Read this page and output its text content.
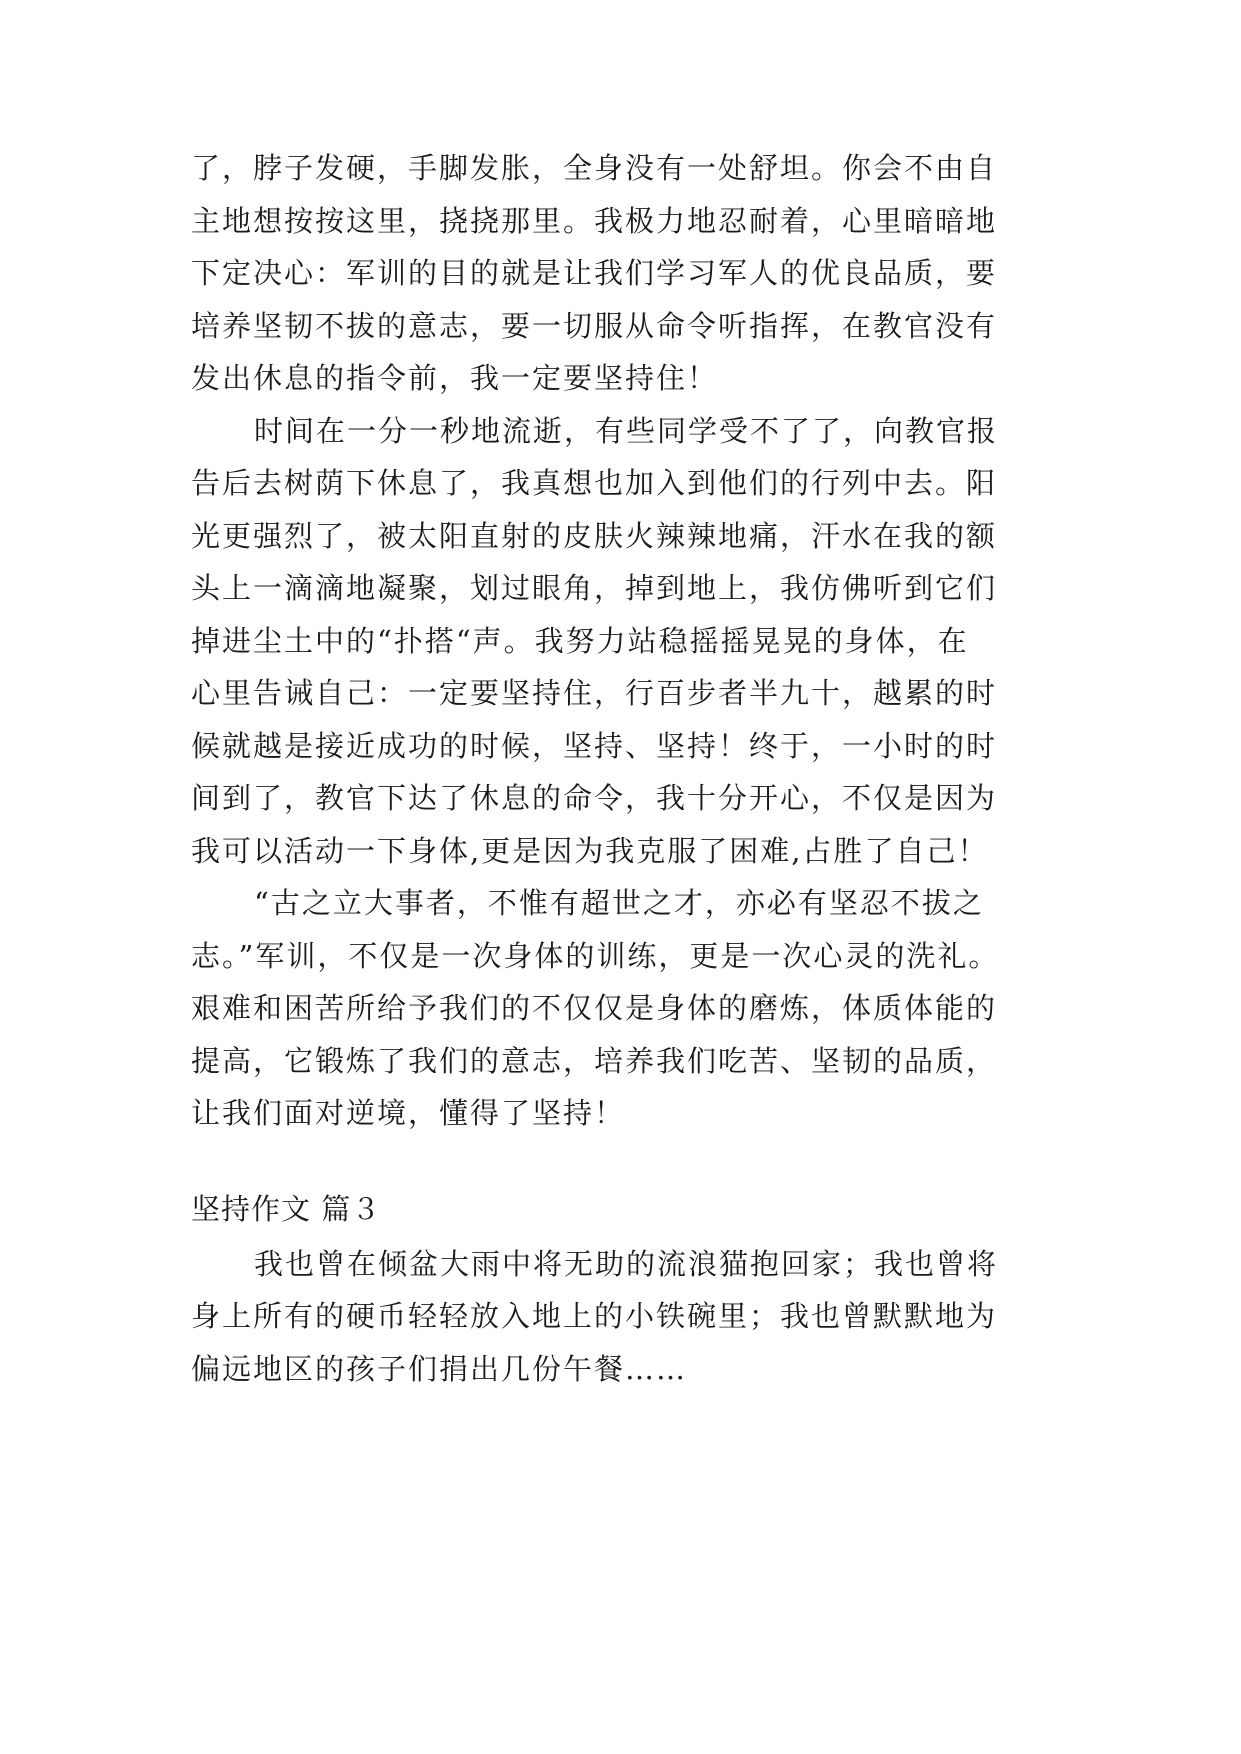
了，脖子发硬，手脚发胀，全身没有一处舒坦。你会不由自
主地想按按这里，挠挠那里。我极力地忍耐着，心里暗暗地
下定决心：军训的目的就是让我们学习军人的优良品质，要
培养坚韧不拔的意志，要一切服从命令听指挥，在教官没有
发出休息的指令前，我一定要坚持住！
时间在一分一秒地流逝，有些同学受不了了，向教官报
告后去树荫下休息了，我真想也加入到他们的行列中去。阳
光更强烈了，被太阳直射的皮肤火辣辣地痛，汗水在我的额
头上一滴滴地凝聚，划过眼角，掉到地上，我仿佛听到它们
掉进尘土中的“扑搭“声。我努力站稳摇摇晃晃的身体，在
心里告诫自己：一定要坚持住，行百步者半九十，越累的时
候就越是接近成功的时候，坚持、坚持！终于，一小时的时
间到了，教官下达了休息的命令，我十分开心，不仅是因为
我可以活动一下身体,更是因为我克服了困难,占胜了自己！
“古之立大事者，不惟有超世之才，亦必有坚忍不拔之
志。”军训，不仅是一次身体的训练，更是一次心灵的洗礼。
艰难和困苦所给予我们的不仅仅是身体的磨炼，体质体能的
提高，它锻炼了我们的意志，培养我们吃苦、坚韧的品质，
让我们面对逆境，懂得了坚持！
坚持作文 篇３
我也曾在倾盆大雨中将无助的流浪猫抱回家；我也曾将
身上所有的硬币轻轻放入地上的小铁碗里；我也曾默默地为
偏远地区的孩子们捐出几份午餐……
